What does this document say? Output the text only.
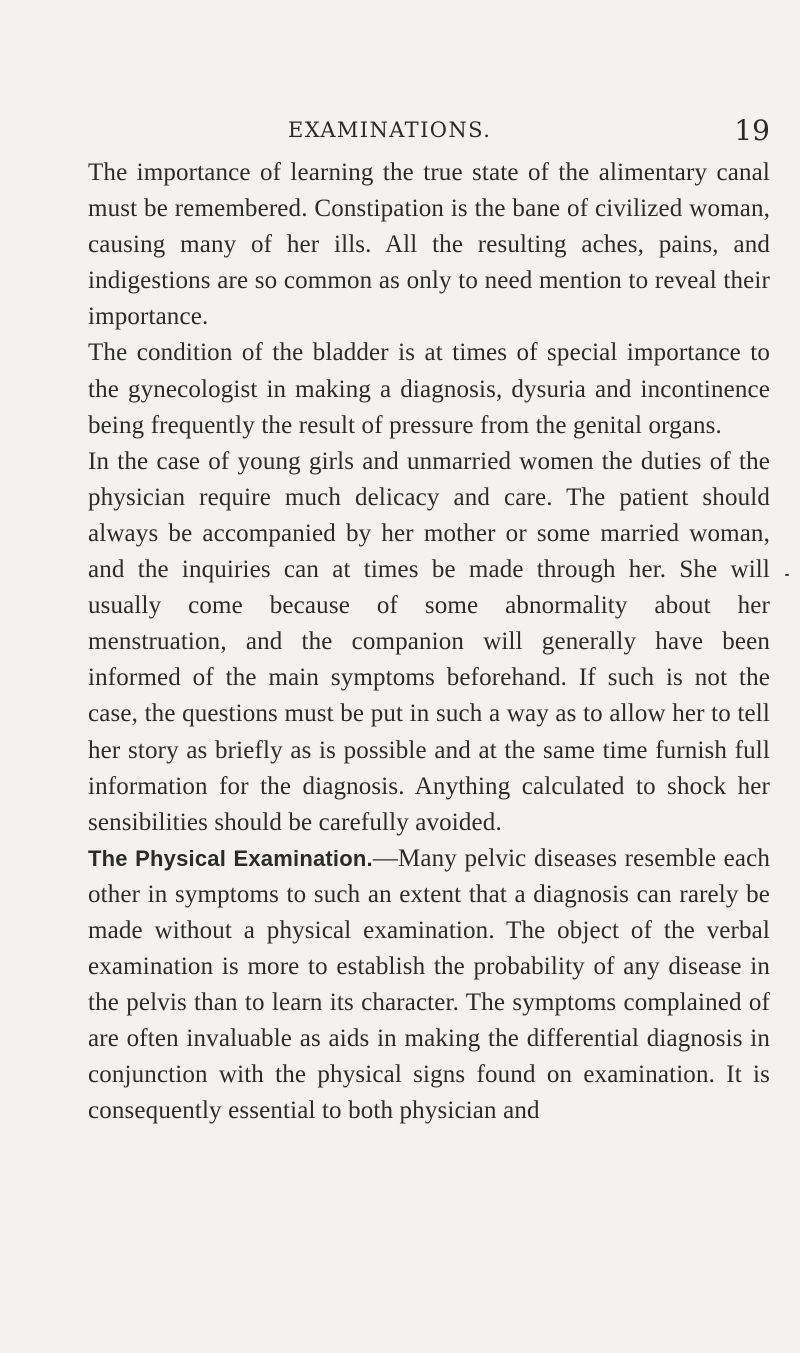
EXAMINATIONS.	19

The importance of learning the true state of the alimentary canal must be remembered. Constipation is the bane of civilized woman, causing many of her ills. All the resulting aches, pains, and indigestions are so common as only to need mention to reveal their importance.

The condition of the bladder is at times of special importance to the gynecologist in making a diagnosis, dysuria and incontinence being frequently the result of pressure from the genital organs.

In the case of young girls and unmarried women the duties of the physician require much delicacy and care. The patient should always be accompanied by her mother or some married woman, and the inquiries can at times be made through her. She will usually come because of some abnormality about her menstruation, and the companion will generally have been informed of the main symptoms beforehand. If such is not the case, the questions must be put in such a way as to allow her to tell her story as briefly as is possible and at the same time furnish full information for the diagnosis. Anything calculated to shock her sensibilities should be carefully avoided.

The Physical Examination.—Many pelvic diseases resemble each other in symptoms to such an extent that a diagnosis can rarely be made without a physical examination. The object of the verbal examination is more to establish the probability of any disease in the pelvis than to learn its character. The symptoms complained of are often invaluable as aids in making the differential diagnosis in conjunction with the physical signs found on examination. It is consequently essential to both physician and
